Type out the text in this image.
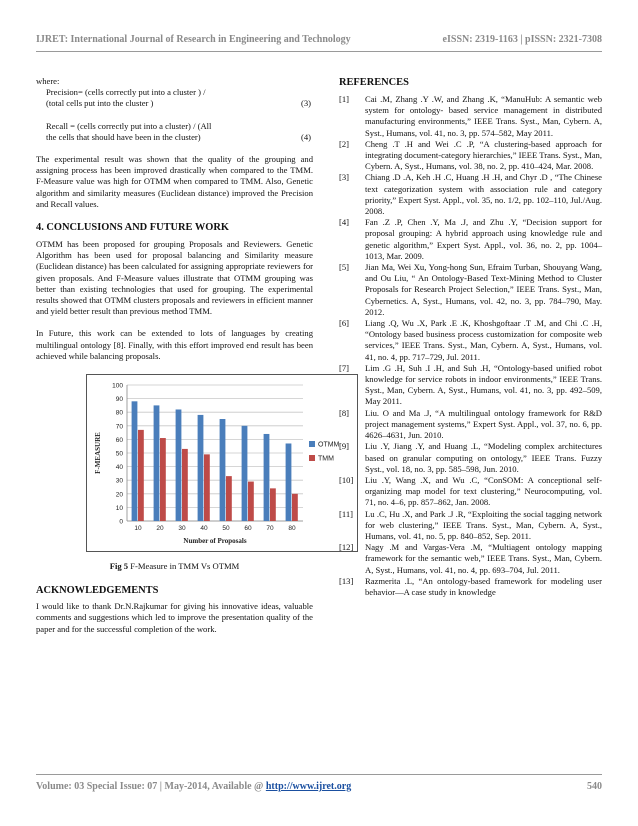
IJRET: International Journal of Research in Engineering and Technology	eISSN: 2319-1163 | pISSN: 2321-7308

where:

Precision= (cells correctly put into a cluster ) /
(total cells put into the cluster )	(3)
Recall = (cells correctly put into a cluster) / (All
the cells that should have been in the cluster)	(4)

The experimental result was shown that the quality of the grouping and assigning process has been improved drastically when compared to the TMM. F-Measure value was high for OTMM when compared to TMM. Also, Genetic algorithm and similarity measures (Euclidean distance) improved the Precision and Recall values.

4. CONCLUSIONS AND FUTURE WORK

OTMM has been proposed for grouping Proposals and Reviewers. Genetic Algorithm has been used for proposal balancing and Similarity measure (Euclidean distance) has been calculated for assigning appropriate reviewers for given proposals. And F-Measure values illustrate that OTMM grouping was better than existing technologies that used for grouping. The experimental results showed that OTMM clusters proposals and reviewers in efficient manner and yield better result than previous method TMM.

In Future, this work can be extended to lots of languages by creating multilingual ontology [8]. Finally, with this effort improved end result has been achieved while balancing proposals.

0
10
20
30
40
50
60
70
80
90
100
10 20 30 40 50 60 70 80
Number of Proposals
F-MEASURE	OTMM
TMM
Fig 5 F-Measure in TMM Vs OTMM
ACKNOWLEDGEMENTS

I would like to thank Dr.N.Rajkumar for giving his innovative ideas, valuable comments and suggestions which led to improve the presentation quality of the paper and for the successful completion of the work.

REFERENCES
[1] Cai .M, Zhang .Y .W, and Zhang .K, “ManuHub: A semantic web system for ontology- based service management in distributed manufacturing environments,” IEEE Trans. Syst., Man, Cybern. A, Syst., Humans, vol. 41, no. 3, pp. 574–582, May 2011.
[2] Cheng .T .H and Wei .C .P, “A clustering-based approach for integrating document-category hierarchies,” IEEE Trans. Syst., Man, Cybern. A, Syst., Humans, vol. 38, no. 2, pp. 410–424, Mar. 2008.
[3] Chiang .D .A, Keh .H .C, Huang .H .H, and Chyr .D , “The Chinese text categorization system with association rule and category priority,” Expert Syst. Appl., vol. 35, no. 1/2, pp. 102–110, Jul./Aug. 2008.
[4] Fan .Z .P, Chen .Y, Ma .J, and Zhu .Y, “Decision support for proposal grouping: A hybrid approach using knowledge rule and genetic algorithm,” Expert Syst. Appl., vol. 36, no. 2, pp. 1004–1013, Mar. 2009.
[5] Jian Ma, Wei Xu, Yong-hong Sun, Efraim Turban, Shouyang Wang, and Ou Liu, “ An Ontology-Based Text-Mining Method to Cluster Proposals for Research Project Selection,” IEEE Trans. Syst., Man, Cybernetics. A, Syst., Humans, vol. 42, no. 3, pp. 784–790, May. 2012.
[6] Liang .Q, Wu .X, Park .E .K, Khoshgoftaar .T .M, and Chi .C .H, “Ontology based business process customization for composite web services,” IEEE Trans. Syst., Man, Cybern. A, Syst., Humans, vol. 41, no. 4, pp. 717–729, Jul. 2011.
[7] Lim .G .H, Suh .I .H, and Suh .H, “Ontology-based unified robot knowledge for service robots in indoor environments,” IEEE Trans. Syst., Man, Cybern. A, Syst., Humans, vol. 41, no. 3, pp. 492–509, May 2011.
[8] Liu. O and Ma .J, “A multilingual ontology framework for R&D project management systems,” Expert Syst. Appl., vol. 37, no. 6, pp. 4626–4631, Jun. 2010.
[9] Liu .Y, Jiang .Y, and Huang .L, “Modeling complex architectures based on granular computing on ontology,” IEEE Trans. Fuzzy Syst., vol. 18, no. 3, pp. 585–598, Jun. 2010.
[10] Liu .Y, Wang .X, and Wu .C, “ConSOM: A conceptional self-organizing map model for text clustering,” Neurocomputing, vol. 71, no. 4–6, pp. 857–862, Jan. 2008.
[11] Lu .C, Hu .X, and Park .J .R, “Exploiting the social tagging network for web clustering,” IEEE Trans. Syst., Man, Cybern. A, Syst., Humans, vol. 41, no. 5, pp. 840–852, Sep. 2011.
[12] Nagy .M and Vargas-Vera .M, “Multiagent ontology mapping framework for the semantic web,” IEEE Trans. Syst., Man, Cybern. A, Syst., Humans, vol. 41, no. 4, pp. 693–704, Jul. 2011.
[13] Razmerita .L, “An ontology-based framework for modeling user behavior—A case study in knowledge
Volume: 03 Special Issue: 07 | May-2014, Available @ http://www.ijret.org	540
